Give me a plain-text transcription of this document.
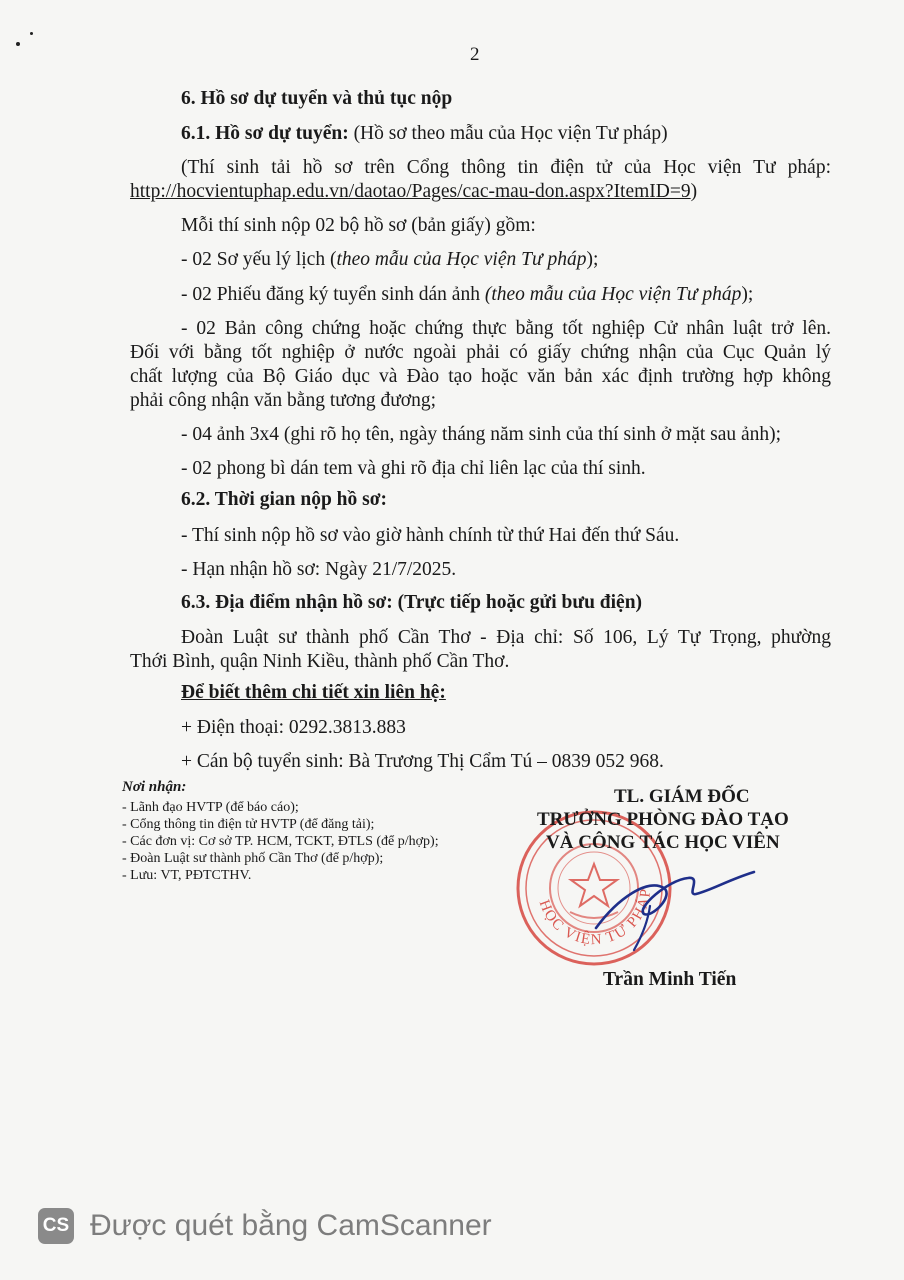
2
6. Hồ sơ dự tuyển và thủ tục nộp
6.1. Hồ sơ dự tuyển: (Hồ sơ theo mẫu của Học viện Tư pháp)
(Thí sinh tải hồ sơ trên Cổng thông tin điện tử của Học viện Tư pháp:
http://hocvientuphap.edu.vn/daotao/Pages/cac-mau-don.aspx?ItemID=9)
Mỗi thí sinh nộp 02 bộ hồ sơ (bản giấy) gồm:
- 02 Sơ yếu lý lịch (theo mẫu của Học viện Tư pháp);
- 02 Phiếu đăng ký tuyển sinh dán ảnh (theo mẫu của Học viện Tư pháp);
- 02 Bản công chứng hoặc chứng thực bằng tốt nghiệp Cử nhân luật trở lên.
Đối với bằng tốt nghiệp ở nước ngoài phải có giấy chứng nhận của Cục Quản lý
chất lượng của Bộ Giáo dục và Đào tạo hoặc văn bản xác định trường hợp không
phải công nhận văn bằng tương đương;
- 04 ảnh 3x4 (ghi rõ họ tên, ngày tháng năm sinh của thí sinh ở mặt sau ảnh);
- 02 phong bì dán tem và ghi rõ địa chỉ liên lạc của thí sinh.
6.2. Thời gian nộp hồ sơ:
- Thí sinh nộp hồ sơ vào giờ hành chính từ thứ Hai đến thứ Sáu.
- Hạn nhận hồ sơ: Ngày 21/7/2025.
6.3. Địa điểm nhận hồ sơ: (Trực tiếp hoặc gửi bưu điện)
Đoàn Luật sư thành phố Cần Thơ - Địa chỉ: Số 106, Lý Tự Trọng, phường
Thới Bình, quận Ninh Kiều, thành phố Cần Thơ.
Để biết thêm chi tiết xin liên hệ:
+ Điện thoại: 0292.3813.883
+ Cán bộ tuyển sinh: Bà Trương Thị Cẩm Tú – 0839 052 968.
Nơi nhận:
- Lãnh đạo HVTP (để báo cáo);
- Cổng thông tin điện tử HVTP (để đăng tải);
- Các đơn vị: Cơ sở TP. HCM, TCKT, ĐTLS (để p/hợp);
- Đoàn Luật sư thành phố Cần Thơ (để p/hợp);
- Lưu: VT, PĐTCTHV.
HỌC VIỆN TƯ PHÁP
TL. GIÁM ĐỐC
TRƯỞNG PHÒNG ĐÀO TẠO
VÀ CÔNG TÁC HỌC VIÊN
Trần Minh Tiến
CS Được quét bằng CamScanner
